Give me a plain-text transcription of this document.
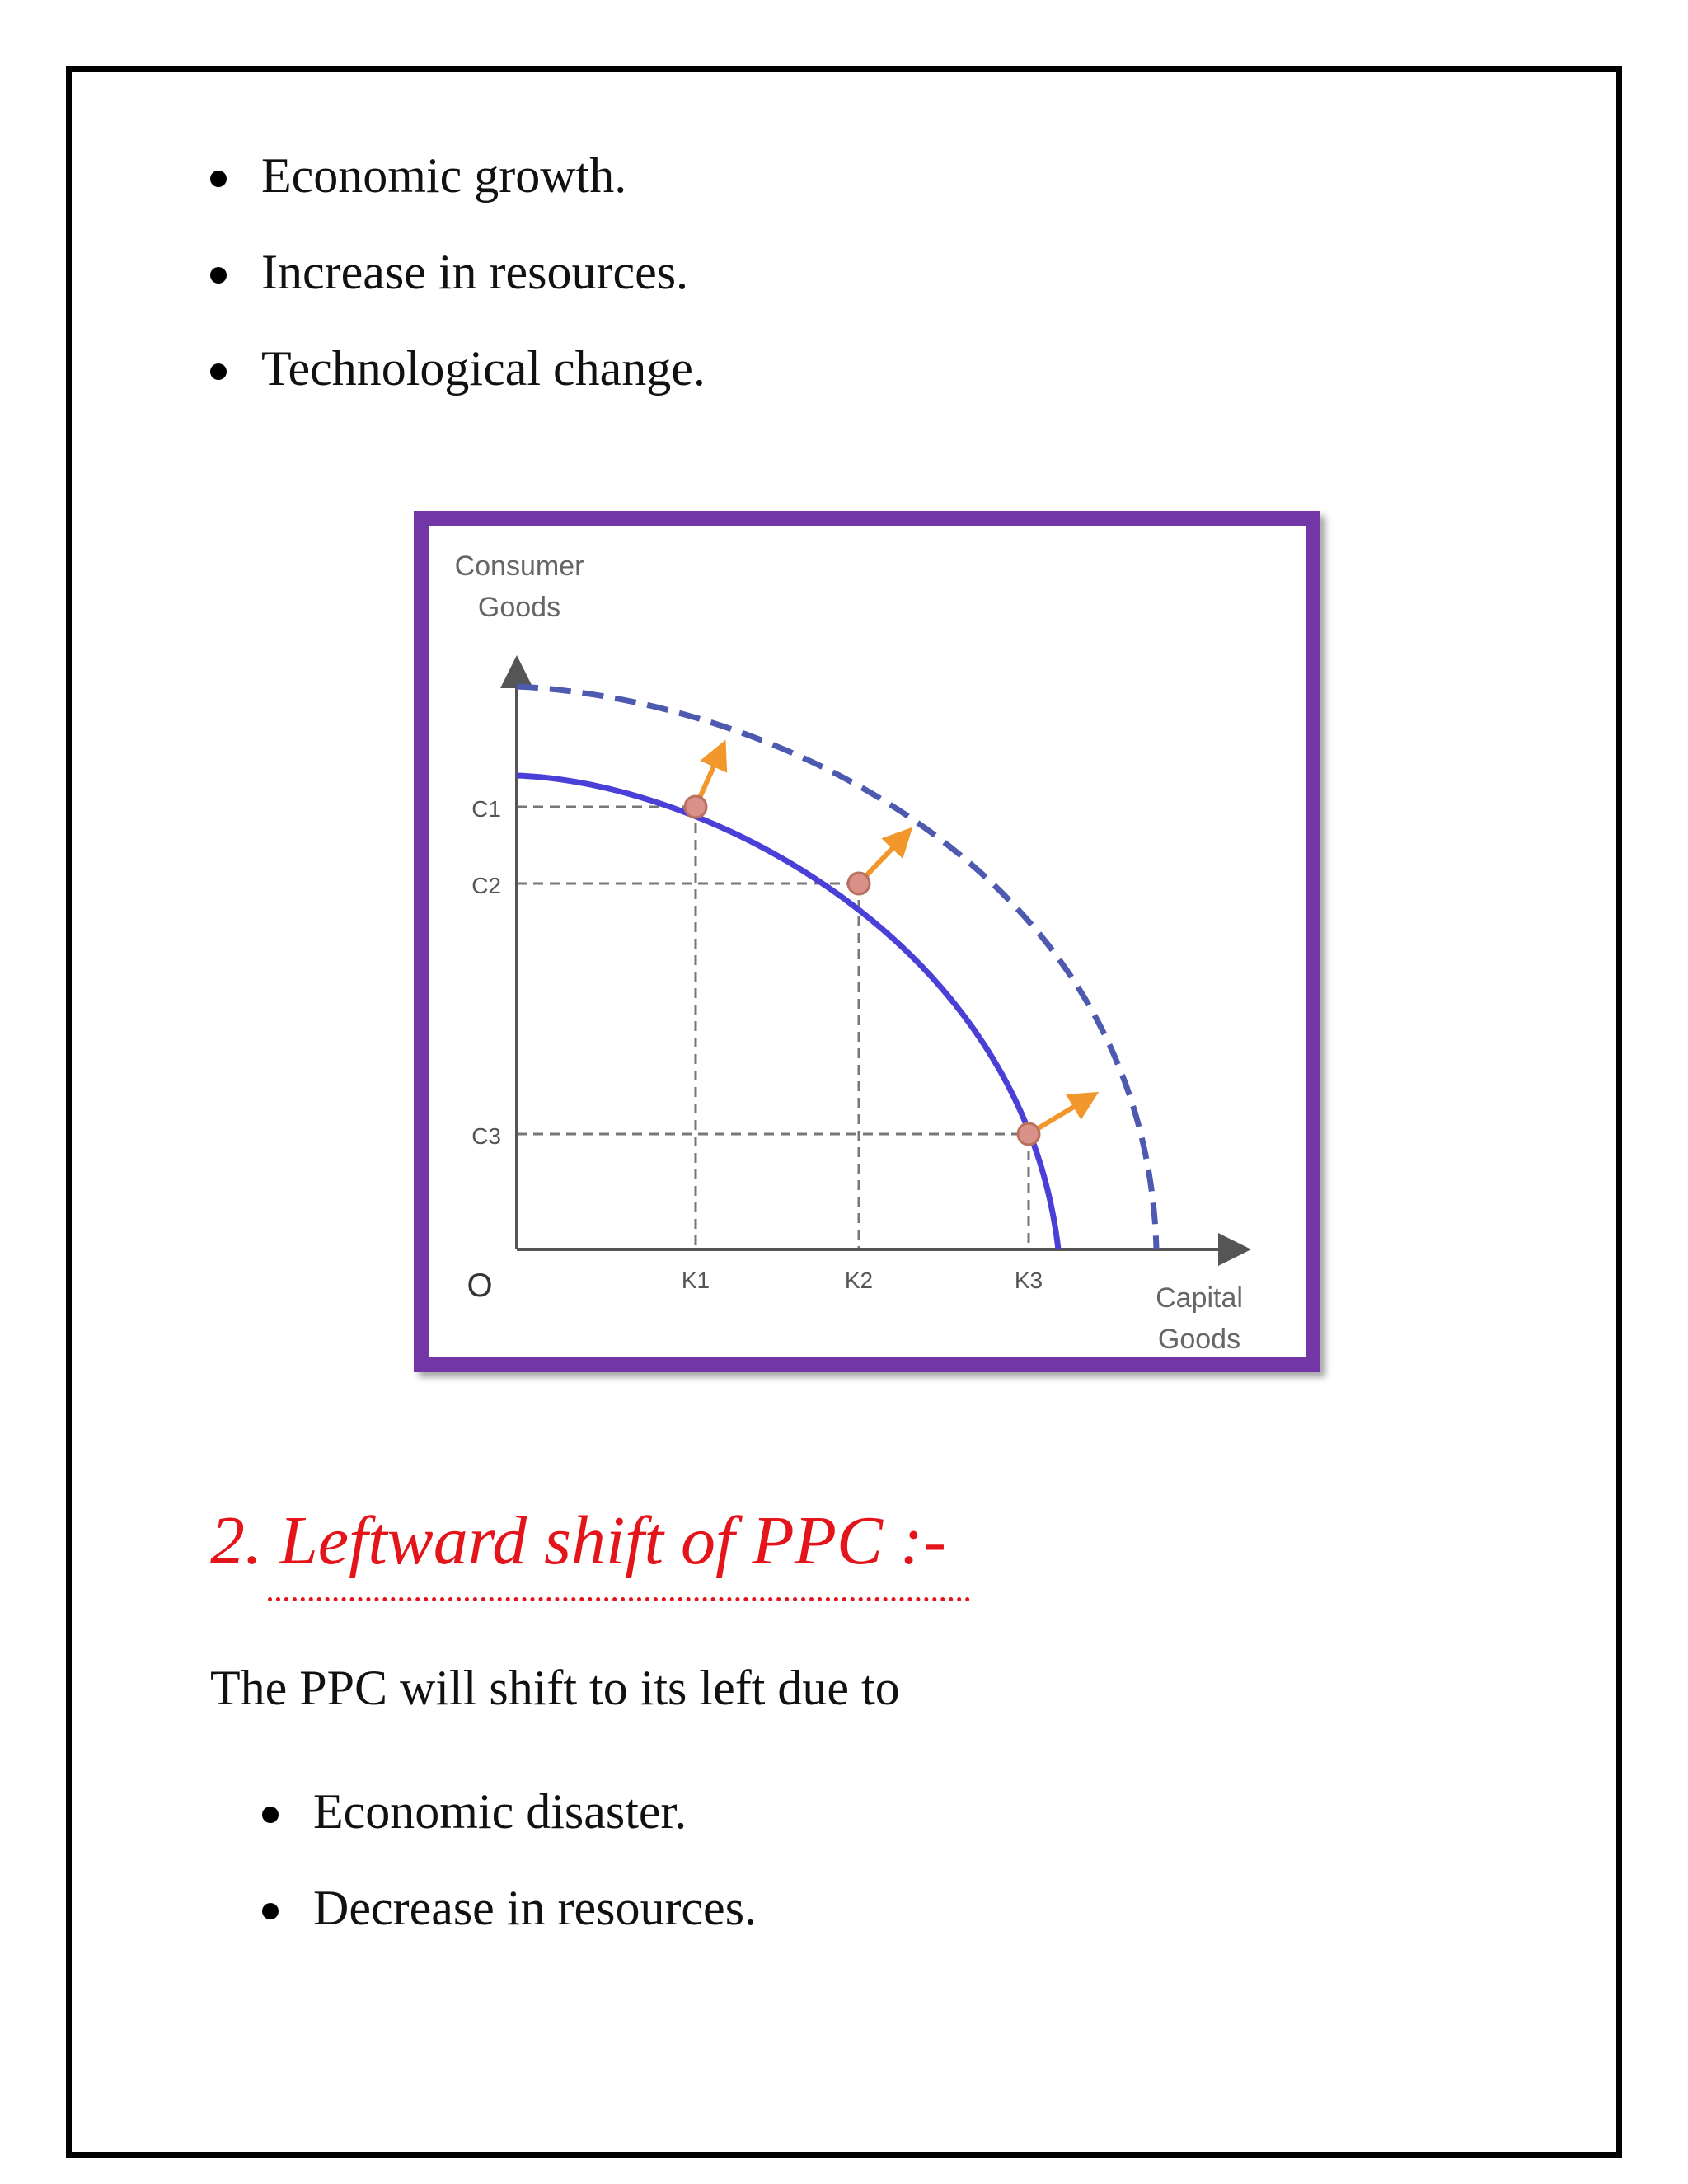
Economic growth.
Increase in resources.
Technological change.
Consumer
Goods
Capital
Goods
O
C1
C2
C3
K1	K2	K3
2. Leftward shift of PPC :-

The PPC will shift to its left due to

Economic disaster.
Decrease in resources.
